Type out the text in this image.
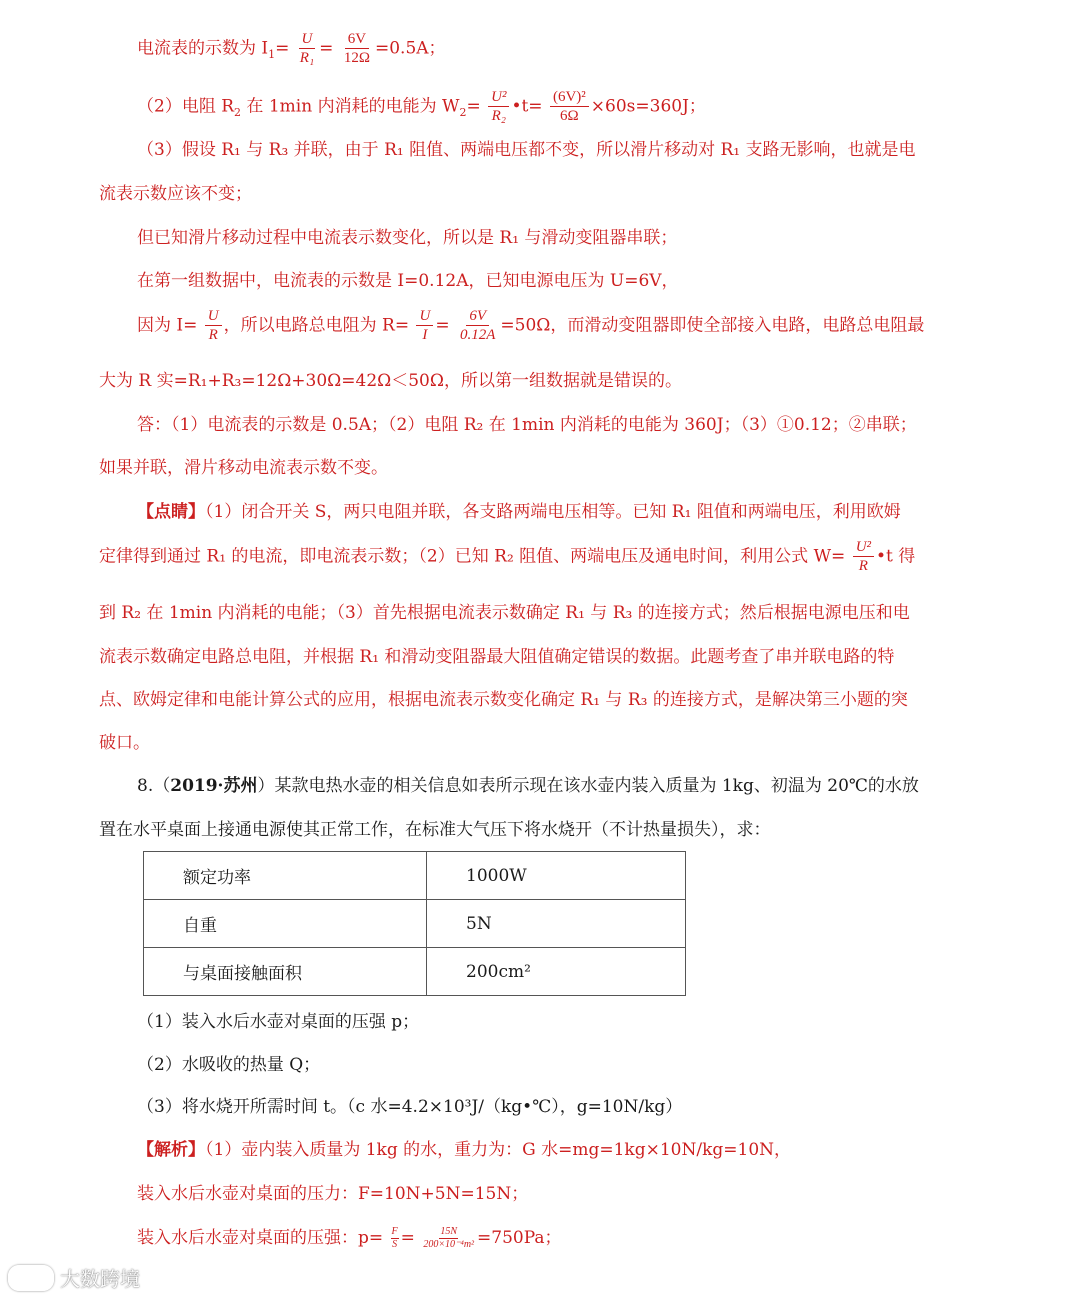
电流表的示数为 $I_1= \frac{U}{\text{R₁}} = \frac{6V}{12\Omega} =0.5A$；
（2）电阻 $R_2$ 在 1min 内消耗的电能为 $W_2= \frac{\text{U²}}{\text{R₂}}$ •t= $\frac{\text{(6V)²}}{6\Omega} \times 60s=360J$；
（3）假设 R₁ 与 R₃ 并联，由于 R₁ 阻值、两端电压都不变，所以滑片移动对 R₁ 支路无影响，也就是电
流表示数应该不变；
但已知滑片移动过程中电流表示数变化，所以是 R₁ 与滑动变阻器串联；
在第一组数据中，电流表的示数是 I=0.12A，已知电源电压为 U=6V，
因为 $I= \frac{U}{R}$ ，所以电路总电阻为 $R= \frac{U}{I} = \frac{6V}{0.12A} =50\Omega$，而滑动变阻器即使全部接入电路，电路总电阻最
大为 R 实=R₁+R₃=12Ω+30Ω=42Ω＜50Ω，所以第一组数据就是错误的。
答：（1）电流表的示数是 0.5A；（2）电阻 R₂ 在 1min 内消耗的电能为 360J；（3）①0.12；②串联；
如果并联，滑片移动电流表示数不变。
【点睛】（1）闭合开关 S，两只电阻并联，各支路两端电压相等。已知 R₁ 阻值和两端电压，利用欧姆
定律得到通过 R₁ 的电流，即电流表示数；（2）已知 R₂ 阻值、两端电压及通电时间，利用公式 $W= \frac{\text{U²}}{R}$ •t 得
到 R₂ 在 1min 内消耗的电能；（3）首先根据电流表示数确定 R₁ 与 R₃ 的连接方式；然后根据电源电压和电
流表示数确定电路总电阻，并根据 R₁ 和滑动变阻器最大阻值确定错误的数据。此题考查了串并联电路的特
点、欧姆定律和电能计算公式的应用，根据电流表示数变化确定 R₁ 与 R₃ 的连接方式，是解决第三小题的突
破口。
8.（2019·苏州）某款电热水壶的相关信息如表所示现在该水壶内装入质量为 1kg、初温为 20℃的水放
置在水平桌面上接通电源使其正常工作，在标准大气压下将水烧开（不计热量损失），求：
额定功率	1000W
自重	5N
与桌面接触面积	200cm²
（1）装入水后水壶对桌面的压强 p；
（2）水吸收的热量 Q；
（3）将水烧开所需时间 t。（c 水=4.2×10³J/（kg•℃），g=10N/kg）
【解析】（1）壶内装入质量为 1kg 的水，重力为：G 水=mg=1kg×10N/kg=10N，
装入水后水壶对桌面的压力：F=10N+5N=15N；
装入水后水壶对桌面的压强：$p= \frac{F}{S} = \frac{15N}{\text{200×10⁻⁴m²}} =750Pa$；
大数跨境
